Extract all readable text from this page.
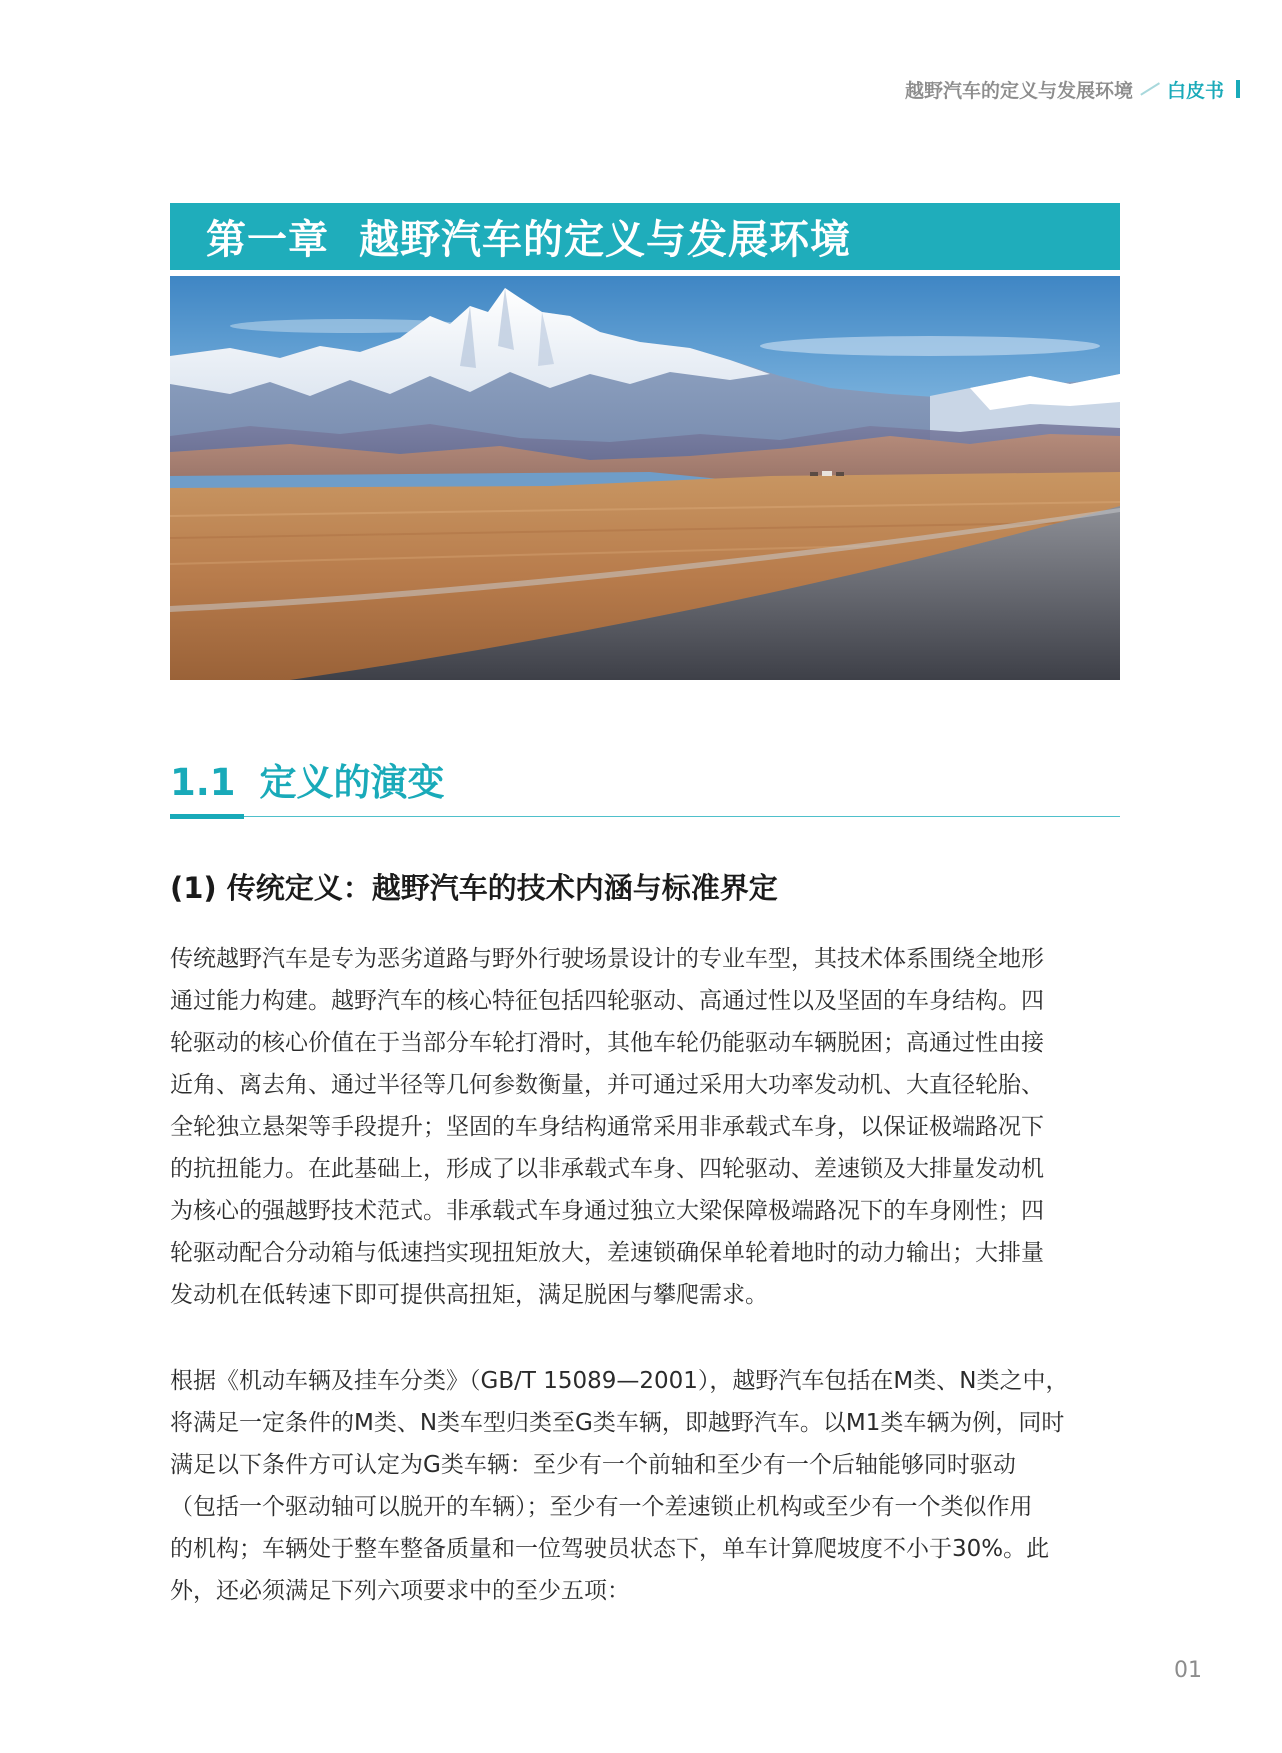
越野汽车的定义与发展环境 白皮书
第一章 越野汽车的定义与发展环境
1.1 定义的演变
(1) 传统定义：越野汽车的技术内涵与标准界定
传统越野汽车是专为恶劣道路与野外行驶场景设计的专业车型，其技术体系围绕全地形
通过能力构建。越野汽车的核心特征包括四轮驱动、高通过性以及坚固的车身结构。四
轮驱动的核心价值在于当部分车轮打滑时，其他车轮仍能驱动车辆脱困；高通过性由接
近角、离去角、通过半径等几何参数衡量，并可通过采用大功率发动机、大直径轮胎、
全轮独立悬架等手段提升；坚固的车身结构通常采用非承载式车身，以保证极端路况下
的抗扭能力。在此基础上，形成了以非承载式车身、四轮驱动、差速锁及大排量发动机
为核心的强越野技术范式。非承载式车身通过独立大梁保障极端路况下的车身刚性；四
轮驱动配合分动箱与低速挡实现扭矩放大，差速锁确保单轮着地时的动力输出；大排量
发动机在低转速下即可提供高扭矩，满足脱困与攀爬需求。
根据《机动车辆及挂车分类》（GB/T 15089—2001），越野汽车包括在M类、N类之中，
将满足一定条件的M类、N类车型归类至G类车辆，即越野汽车。以M1类车辆为例，同时
满足以下条件方可认定为G类车辆：至少有一个前轴和至少有一个后轴能够同时驱动
（包括一个驱动轴可以脱开的车辆）；至少有一个差速锁止机构或至少有一个类似作用
的机构；车辆处于整车整备质量和一位驾驶员状态下，单车计算爬坡度不小于30%。此
外，还必须满足下列六项要求中的至少五项：
01
